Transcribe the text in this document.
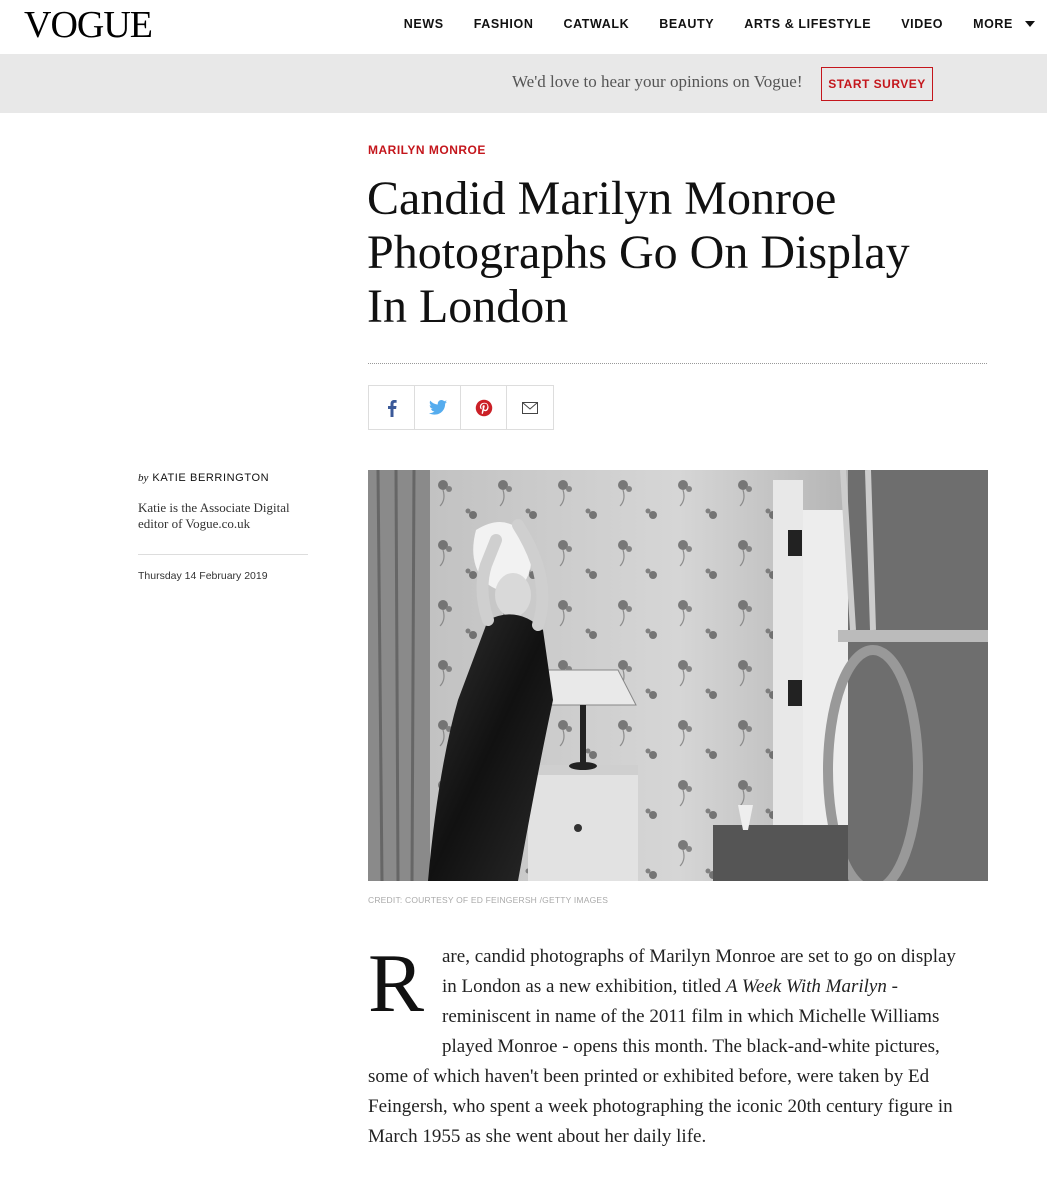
VOGUE	NEWS FASHION CATWALK BEAUTY ARTS & LIFESTYLE VIDEO MORE
We'd love to hear your opinions on Vogue!	START SURVEY
MARILYN MONROE
Candid Marilyn Monroe
Photographs Go On Display
In London
by KATIE BERRINGTON
Katie is the Associate Digital
editor of Vogue.co.uk
Thursday 14 February 2019
CREDIT: COURTESY OF ED FEINGERSH /GETTY IMAGES
R are, candid photographs of Marilyn Monroe are set to go on display
in London as a new exhibition, titled A Week With Marilyn -
reminiscent in name of the 2011 film in which Michelle Williams
played Monroe - opens this month. The black-and-white pictures,
some of which haven't been printed or exhibited before, were taken by Ed
Feingersh, who spent a week photographing the iconic 20th century figure in
March 1955 as she went about her daily life.
